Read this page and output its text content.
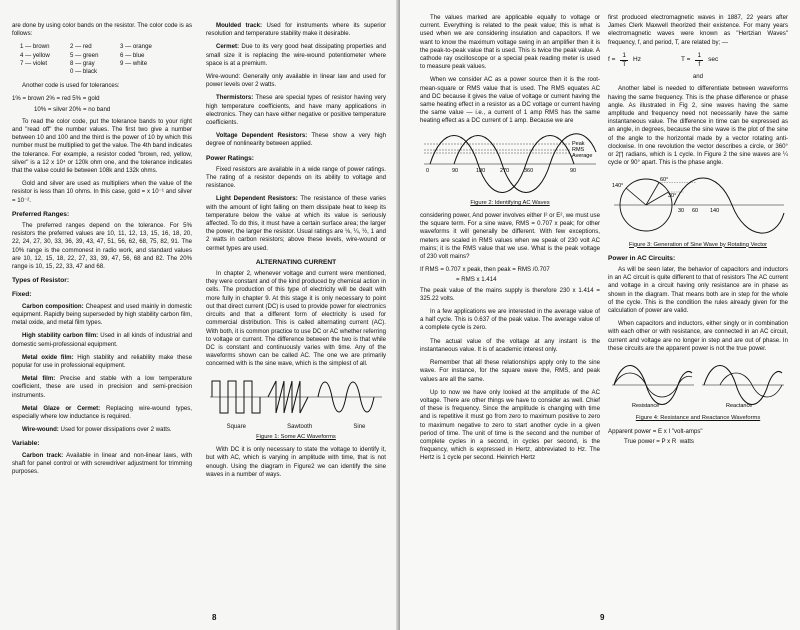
are done by using color bands on the resistor. The color code is as follows:

1 — brown	2 — red	3 — orange
4 — yellow	5 — green	6 — blue
7 — violet	8 — gray	9 — white
0 — black

Another code is used for tolerances:

1% = brown 2% = red 5% = gold
10% = silver 20% = no band

To read the color code, put the tolerance bands to your right and "read off" the number values. The first two give a number between 10 and 100 and the third is the power of 10 by which this number must be multiplied to get the value. The 4th band indicates the tolerance. For example, a resistor coded "brown, red, yellow, silver" is a 12 x 10⁴ or 120k ohm one, and the tolerance indicates that the value could lie between 108k and 132k ohms.

Gold and silver are used as multipliers when the value of the resistor is less than 10 ohms. In this case, gold = x 10⁻¹ and silver = 10⁻².

Preferred Ranges:

The preferred ranges depend on the tolerance. For 5% resistors the preferred values are 10, 11, 12, 13, 15, 16, 18, 20, 22, 24, 27, 30, 33, 36, 39, 43, 47, 51, 56, 62, 68, 75, 82, 91. The 10% range is the commonest in radio work, and standard values are 10, 12, 15, 18, 22, 27, 33, 39, 47, 56, 68 and 82. The 20% range is 10, 15, 22, 33, 47 and 68.

Types of Resistor:
Fixed:

Carbon composition: Cheapest and used mainly in domestic equipment. Rapidly being superseded by high stability carbon film, metal oxide, and metal film types.

High stability carbon film: Used in all kinds of industrial and domestic semi-professional equipment.

Metal oxide film: High stability and reliability make these popular for use in professional equipment.

Metal film: Precise and stable with a low temperature coefficient, these are used in precision and semi-precision instruments.

Metal Glaze or Cermet: Replacing wire-wound types, especially where low inductance is required.

Wire-wound: Used for power dissipations over 2 watts.

Variable:

Carbon track: Available in linear and non-linear laws, with shaft for panel control or with screwdriver adjustment for trimming purposes.

Moulded track: Used for instruments where its superior resolution and temperature stability make it desirable.

Cermet: Due to its very good heat dissipating properties and small size it is replacing the wire-wound potentiometer where space is at a premium.

Wire-wound: Generally only available in linear law and used for power levels over 2 watts.

Thermistors: These are special types of resistor having very high temperature coefficients, and have many applications in electronics. They can have either negative or positive temperature coefficients.

Voltage Dependent Resistors: These show a very high degree of nonlinearity between applied.

Power Ratings:

Fixed resistors are available in a wide range of power ratings. The rating of a resistor depends on its ability to voltage and resistance.

Light Dependent Resistors: The resistance of these varies with the amount of light falling on them dissipate heat to keep its temperature below the value at which its value is seriously affected. To do this, it must have a certain surface area; the larger the power, the larger the resistor. Usual ratings are ⅛, ¼, ½, 1 and 2 watts in carbon resistors; above these levels, wire-wound or cermet types are used.

ALTERNATING CURRENT

In chapter 2, whenever voltage and current were mentioned, they were constant and of the kind produced by chemical action in cells. The production of this type of electricity will be dealt with more fully in chapter 9. At this stage it is only necessary to point out that direct current (DC) is used to provide power for electronics circuits and that a different form of electricity is used for commercial distribution. This is called alternating current (AC). With both, it is common practice to use DC or AC whether referring to voltage or current. The difference between the two is that while DC is constant and continuously varies with time. Any of the waveforms shown can be called AC. The one we are primarily concerned with is the sine wave, which is the simplest of all.

Square	Sawtooth	Sine
Figure 1: Some AC Waveforms

With DC it is only necessary to state the voltage to identify it, but with AC, which is varying in amplitude with time, that is not enough. Using the diagram in Figure2 we can identify the sine waves in a number of ways.

8

The values marked are applicable equally to voltage or current. Everything is related to the peak value; this is what is used when we are considering insulation and capacitors. If we want to know the maximum voltage swing in an amplifier then it is the peak-to-peak value that is used. This is twice the peak value. A cathode ray oscilloscope or a special peak reading meter is used to measure peak values.

When we consider AC as a power source then it is the root-mean-square or RMS value that is used. The RMS equates AC and DC because it gives the value of voltage or current having the same heating effect in a resistor as a DC voltage or current having the same value — i.e., a current of 1 amp RMS has the same heating effect as a DC current of 1 amp. Because we are

Peak
RMS
Average
0	90	180	270	360	90
Figure 2: Identifying AC Waves

considering power, And power involves either I² or E², we must use the square term. For a sine wave, RMS = 0.707 x peak; for other waveforms it will generally be different. With few exceptions, meters are scaled in RMS values when we speak of 230 volt AC mains; it is the RMS value that we use. What is the peak voltage of 230 volt mains?

If RMS = 0.707 x peak, then peak = RMS /0.707
= RMS x 1.414

The peak value of the mains supply is therefore 230 x 1.414 = 325.22 volts.

In a few applications we are interested in the average value of a half cycle. This is 0.637 of the peak value. The average value of a complete cycle is zero.

The actual value of the voltage at any instant is the instantaneous value. It is of academic interest only.

Remember that all these relationships apply only to the sine wave. For instance, for the square wave the, RMS, and peak values are all the same.

Up to now we have only looked at the amplitude of the AC voltage. There are other things we have to consider as well. Chief of these is frequency. Since the amplitude is changing with time and is repetitive it must go from zero to maximum positive to zero to maximum negative to zero to start another cycle in a given period of time. The unit of time is the second and the number of complete cycles in a second, in cycles per second, is the frequency, which is expressed in Hertz, abbreviated to Hz. The Hertz is 1 cycle per second. Heinrich Hertz

first produced electromagnetic waves in 1887, 22 years after James Clerk Maxwell theorized their existence. For many years electromagnetic waves were known as "Hertzian Waves" frequency, f, and period, T, are related by; —

$f = \frac{1}{T}$ Hz	$T = \frac{1}{f}$ sec
and

Another label is needed to differentiate between waveforms having the same frequency. This is the phase difference or phase angle. As illustrated in Fig 2, sine waves having the same amplitude and frequency need not necessarily have the same instantaneous value. The difference in time can be expressed as an angle, in degrees, because the sine wave is the plot of the sine of the angle to the horizontal made by a vector rotating anti-clockwise. In one revolution the vector describes a circle, or 360° or 2∏ radians, which is 1 cycle. In Figure 2 the sine waves are ¼ cycle or 90° apart. This is the phase angle.

140°
60°
30°
30 60 140
Figure 3: Generation of Sine Wave by Rotating Vector
Power in AC Circuits:

As will be seen later, the behavior of capacitors and inductors in an AC circuit is quite different to that of resistors The AC current and voltage in a circuit having only resistance are in phase as shown in the diagram. That means both are in step for the whole of the cycle. This is the condition the rules already given for the calculation of power are valid.

When capacitors and inductors, either singly or in combination with each other or with resistance, are connected in an AC circuit, current and voltage are no longer in step and are out of phase. In these circuits are the apparent power is not the true power.

Resistance	Reactance
Figure 4: Resistance and Reactance Waveforms
Apparent power = E x I "volt-amps"
True power = P x R  watts
9
